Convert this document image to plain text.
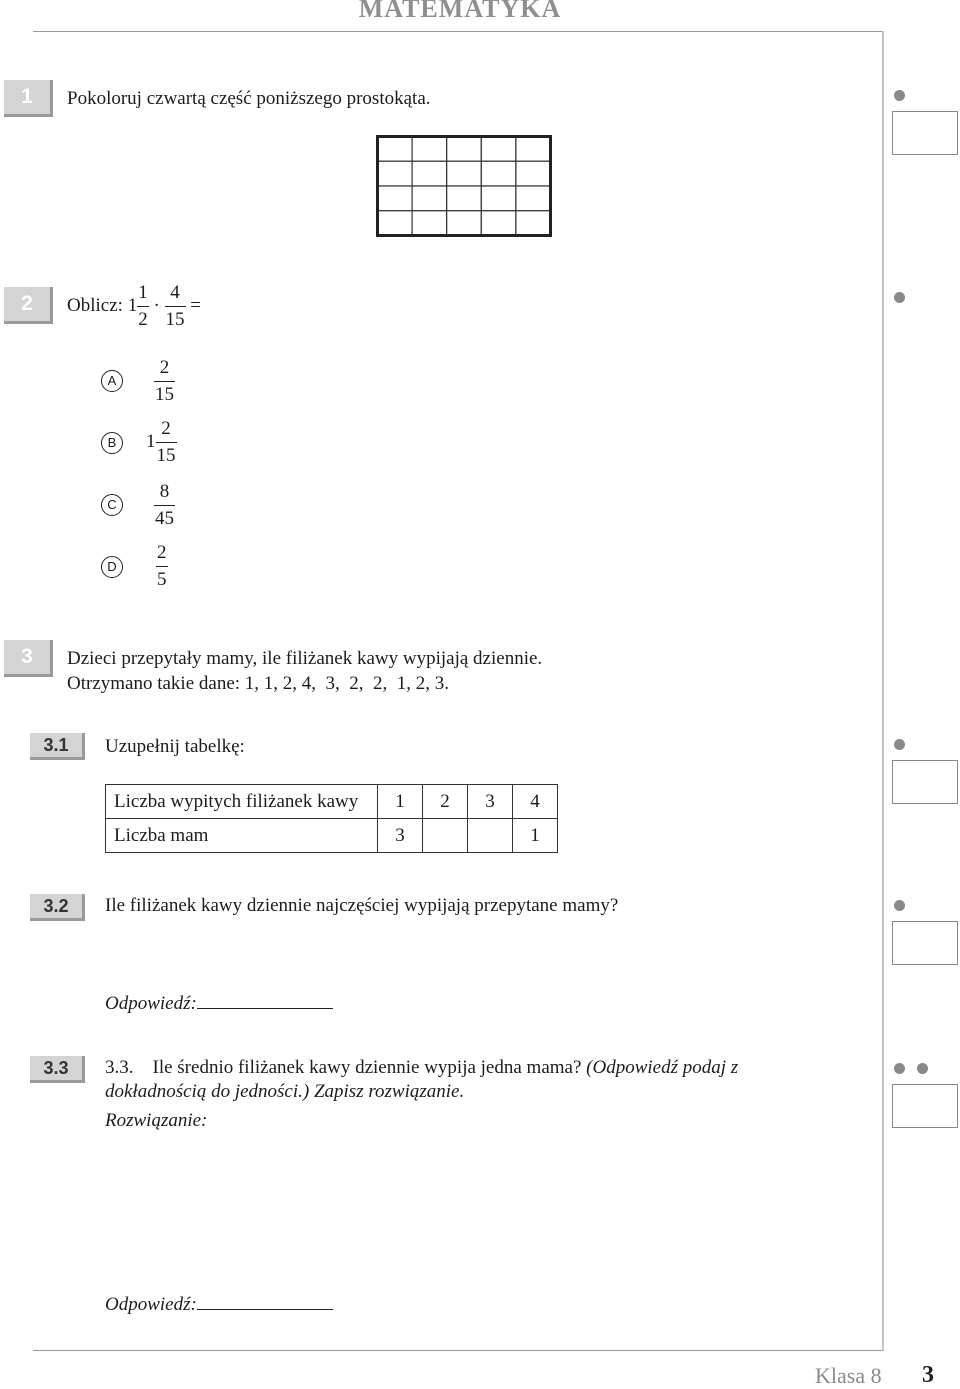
MATEMATYKA
1	Pokoloruj czwartą część poniższego prostokąta.
2	Oblicz: $1 \frac{1}{2} \cdot \frac{4}{15}$ =
A	$\frac{2}{15}$
B	$1 \frac{2}{15}$
C	$\frac{8}{45}$
D	$\frac{2}{5}$
3	Dzieci przepytały mamy, ile filiżanek kawy wypijają dziennie.
Otrzymano takie dane: 1, 1, 2, 4,  3,  2,  2,  1, 2, 3.
3.1	Uzupełnij tabelkę:
Liczba wypitych filiżanek kawy	1	2	3	4
Liczba mam	3			1
3.2	Ile filiżanek kawy dziennie najczęściej wypijają przepytane mamy?
Odpowiedź:
3.3	3.3.    Ile średnio filiżanek kawy dziennie wypija jedna mama? (Odpowiedź podaj z
dokładnością do jedności.) Zapisz rozwiązanie.
Rozwiązanie:
Odpowiedź:
Klasa 8 3
